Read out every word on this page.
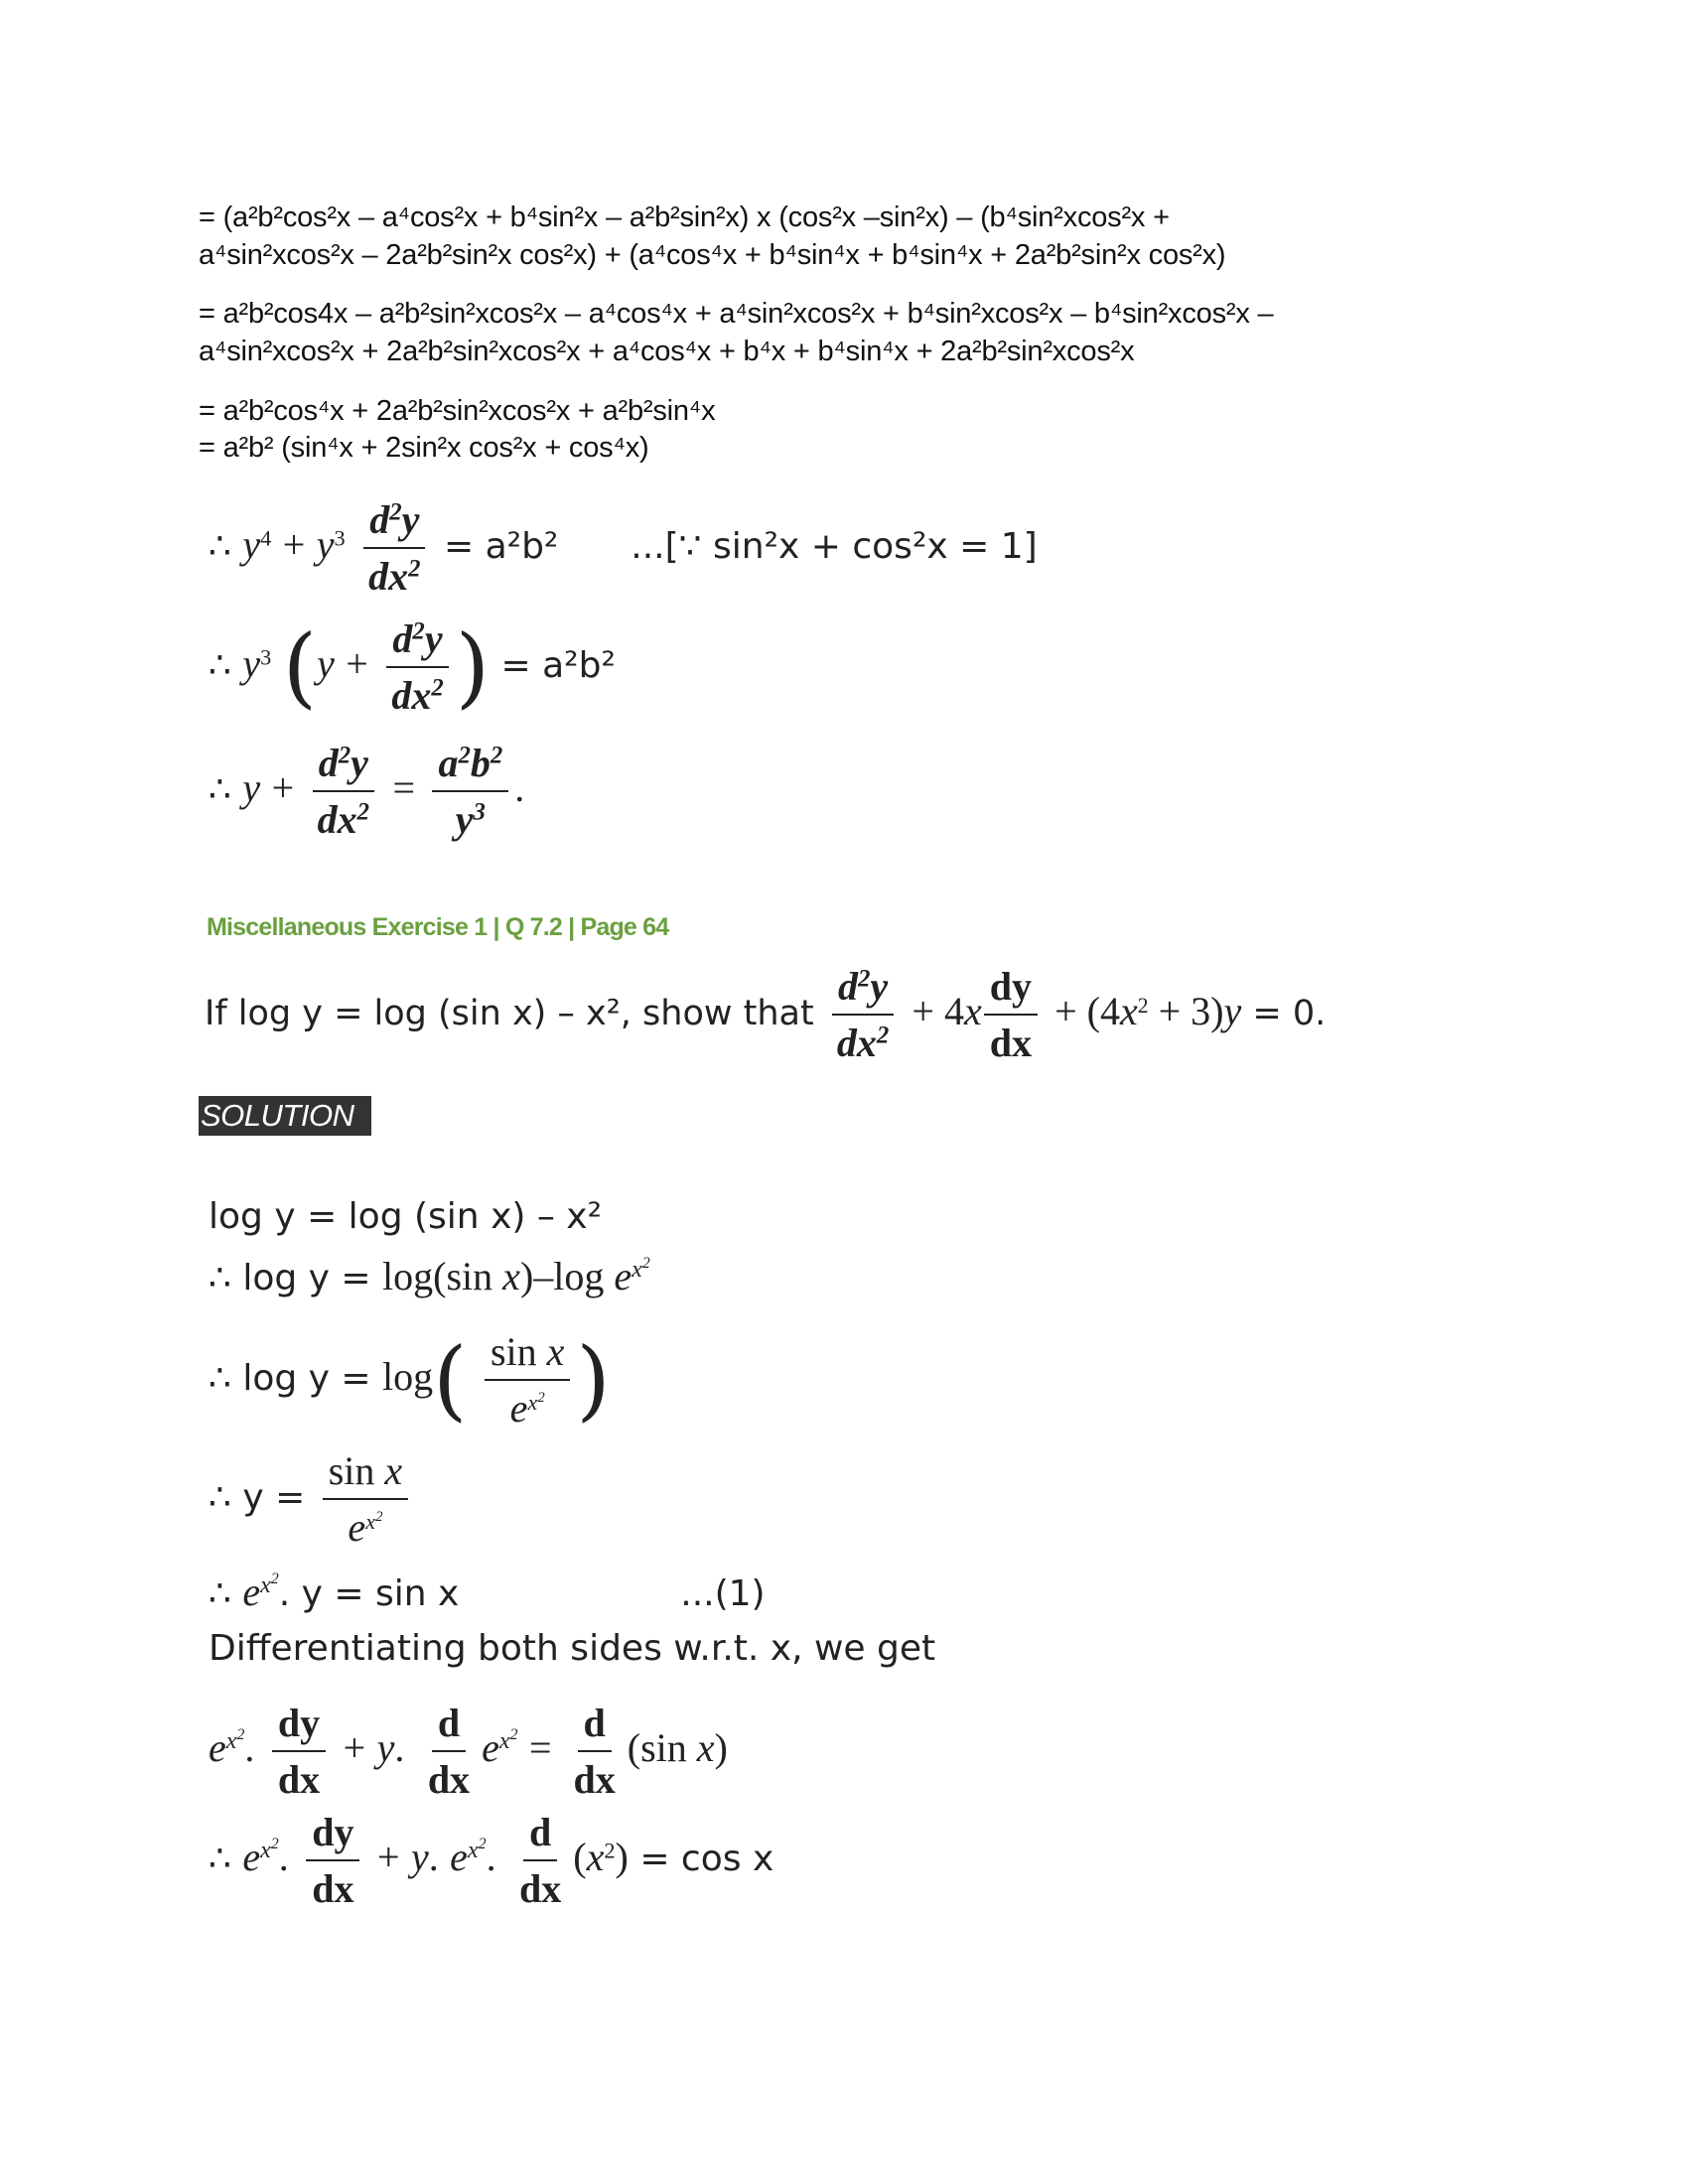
= (a²b²cos²x – a⁴cos²x + b⁴sin²x – a²b²sin²x) x (cos²x –sin²x) – (b⁴sin²xcos²x +
a⁴sin²xcos²x – 2a²b²sin²x cos²x) + (a⁴cos⁴x + b⁴sin⁴x + b⁴sin⁴x + 2a²b²sin²x cos²x)
= a²b²cos4x – a²b²sin²xcos²x – a⁴cos⁴x + a⁴sin²xcos²x + b⁴sin²xcos²x – b⁴sin²xcos²x –
a⁴sin²xcos²x + 2a²b²sin²xcos²x + a⁴cos⁴x + b⁴x + b⁴sin⁴x + 2a²b²sin²xcos²x
= a²b²cos⁴x + 2a²b²sin²xcos²x + a²b²sin⁴x
= a²b² (sin⁴x + 2sin²x cos²x + cos⁴x)
∴ $y^4 + y^3 \frac{d^2y}{dx^2} = a^2b^2$ ...[∵ sin²x + cos²x = 1]
∴ $y^3$ ($y + \frac{d^2y}{dx^2}$ ) = a²b²
∴ $y + \frac{d^2y}{dx^2} = \frac{a^2b^2}{y^3}$ .
Miscellaneous Exercise 1 | Q 7.2 | Page 64
If log y = log (sin x) – x², show that $\frac{d^2y}{dx^2} + 4x \frac{dy}{dx} + (4x^2 + 3)y = 0$.
SOLUTION
log y = log (sin x) – x²
∴ log y = log(sin x)–log $e^{x^2}$
∴ $\log y = \log( \frac{\text{sin x}}{e^{x^2}}$ )
∴ $y = \frac{\text{sin x}}{e^{x^2}}$
∴ $e^{x^2}$. y = sin x	...(1)
Differentiating both sides w.r.t. x, we get
$e^{x^2}$. $\frac{dy}{dx} + y$. $\frac{d}{dx} e^{x^2} = \frac{d}{dx} (\sin$ x)
∴ $e^{x^2}$. $\frac{dy}{dx} + y$. $e^{x^2}$. $\frac{d}{dx} (x^2) = \cos x$
